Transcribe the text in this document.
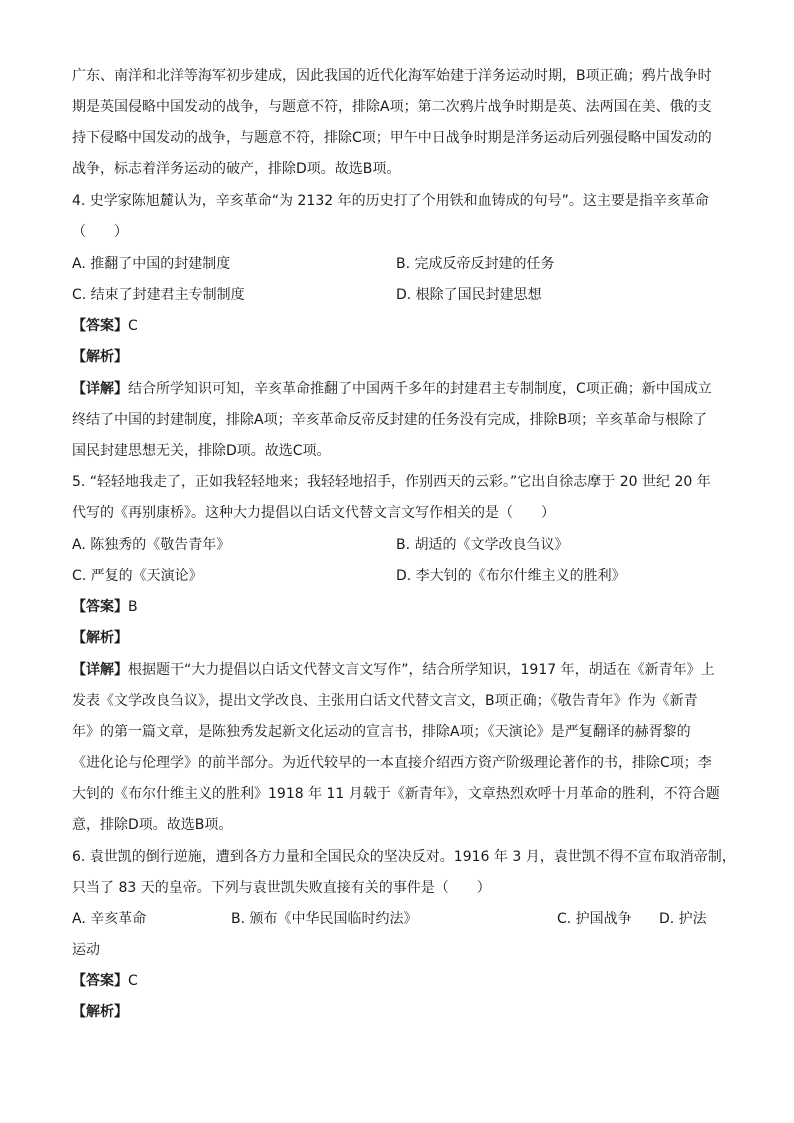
广东、南洋和北洋等海军初步建成，因此我国的近代化海军始建于洋务运动时期，B项正确；鸦片战争时
期是英国侵略中国发动的战争，与题意不符，排除A项；第二次鸦片战争时期是英、法两国在美、俄的支
持下侵略中国发动的战争，与题意不符，排除C项；甲午中日战争时期是洋务运动后列强侵略中国发动的
战争，标志着洋务运动的破产，排除D项。故选B项。
4. 史学家陈旭麓认为，辛亥革命“为 2132 年的历史打了个用铁和血铸成的句号”。这主要是指辛亥革命
（　　）
A. 推翻了中国的封建制度	B. 完成反帝反封建的任务
C. 结束了封建君主专制制度	D. 根除了国民封建思想
【答案】C
【解析】
【详解】结合所学知识可知，辛亥革命推翻了中国两千多年的封建君主专制制度，C项正确；新中国成立
终结了中国的封建制度，排除A项；辛亥革命反帝反封建的任务没有完成，排除B项；辛亥革命与根除了
国民封建思想无关，排除D项。故选C项。
5. “轻轻地我走了，正如我轻轻地来；我轻轻地招手，作别西天的云彩。”它出自徐志摩于 20 世纪 20 年
代写的《再别康桥》。这种大力提倡以白话文代替文言文写作相关的是（　　）
A. 陈独秀的《敬告青年》	B. 胡适的《文学改良刍议》
C. 严复的《天演论》	D. 李大钊的《布尔什维主义的胜利》
【答案】B
【解析】
【详解】根据题干“大力提倡以白话文代替文言文写作”，结合所学知识，1917 年，胡适在《新青年》上
发表《文学改良刍议》，提出文学改良、主张用白话文代替文言文，B项正确；《敬告青年》作为《新青
年》的第一篇文章，是陈独秀发起新文化运动的宣言书，排除A项；《天演论》是严复翻译的赫胥黎的
《进化论与伦理学》的前半部分。为近代较早的一本直接介绍西方资产阶级理论著作的书，排除C项；李
大钊的《布尔什维主义的胜利》1918 年 11 月载于《新青年》，文章热烈欢呼十月革命的胜利，不符合题
意，排除D项。故选B项。
6. 袁世凯的倒行逆施，遭到各方力量和全国民众的坚决反对。1916 年 3 月，袁世凯不得不宣布取消帝制，
只当了 83 天的皇帝。下列与袁世凯失败直接有关的事件是（　　）
A. 辛亥革命	B. 颁布《中华民国临时约法》	C. 护国战争 D. 护法
运动
【答案】C
【解析】
